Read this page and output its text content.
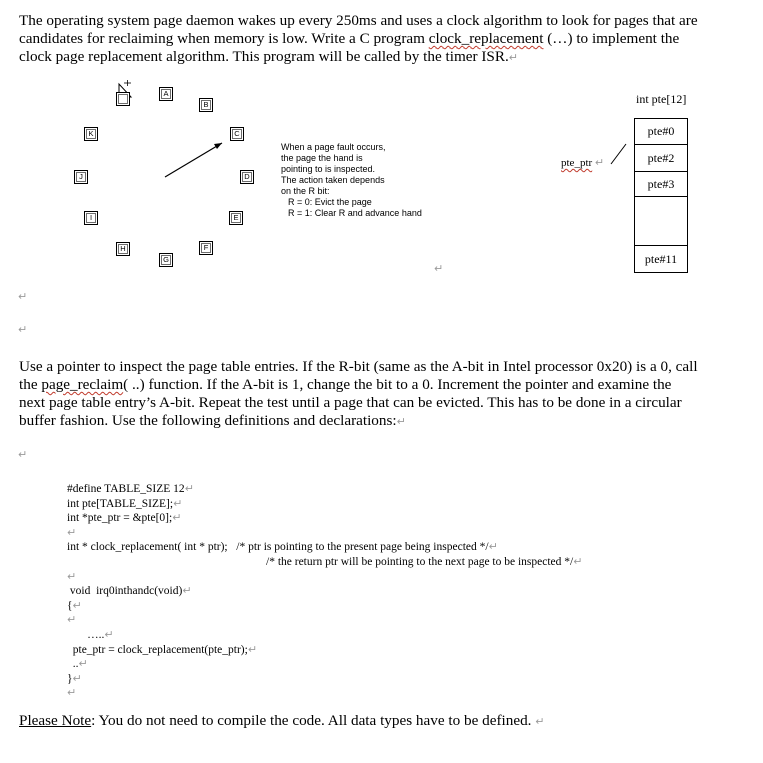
The operating system page daemon wakes up every 250ms and uses a clock algorithm to look for pages that are
candidates for reclaiming when memory is low. Write a C program clock_replacement (…) to implement the
clock page replacement algorithm. This program will be called by the timer ISR.↵
A
B
C
D
E
F
G
H
I
J
K
When a page fault occurs,
the page the hand is
pointing to is inspected.
The action taken depends
on the R bit:
R = 0: Evict the page
R = 1: Clear R and advance hand
↵
pte_ptr ↵
int pte[12]
pte#0
pte#2
pte#3
pte#11
↵
↵
Use a pointer to inspect the page table entries. If the R-bit (same as the A-bit in Intel processor 0x20) is a 0, call
the page_reclaim( ..) function. If the A-bit is 1, change the bit to a 0. Increment the pointer and examine the
next page table entry’s A-bit. Repeat the test until a page that can be evicted. This has to be done in a circular
buffer fashion. Use the following definitions and declarations:↵
↵
#define TABLE_SIZE 12↵
int pte[TABLE_SIZE];↵
int *pte_ptr = &pte[0];↵
↵
int * clock_replacement( int * ptr); /* ptr is pointing to the present page being inspected */↵
/* the return ptr will be pointing to the next page to be inspected */↵
↵
void  irq0inthandc(void)↵
{↵
↵
…..↵
pte_ptr = clock_replacement(pte_ptr);↵
..↵
}↵
↵
Please Note: You do not need to compile the code. All data types have to be defined. ↵
